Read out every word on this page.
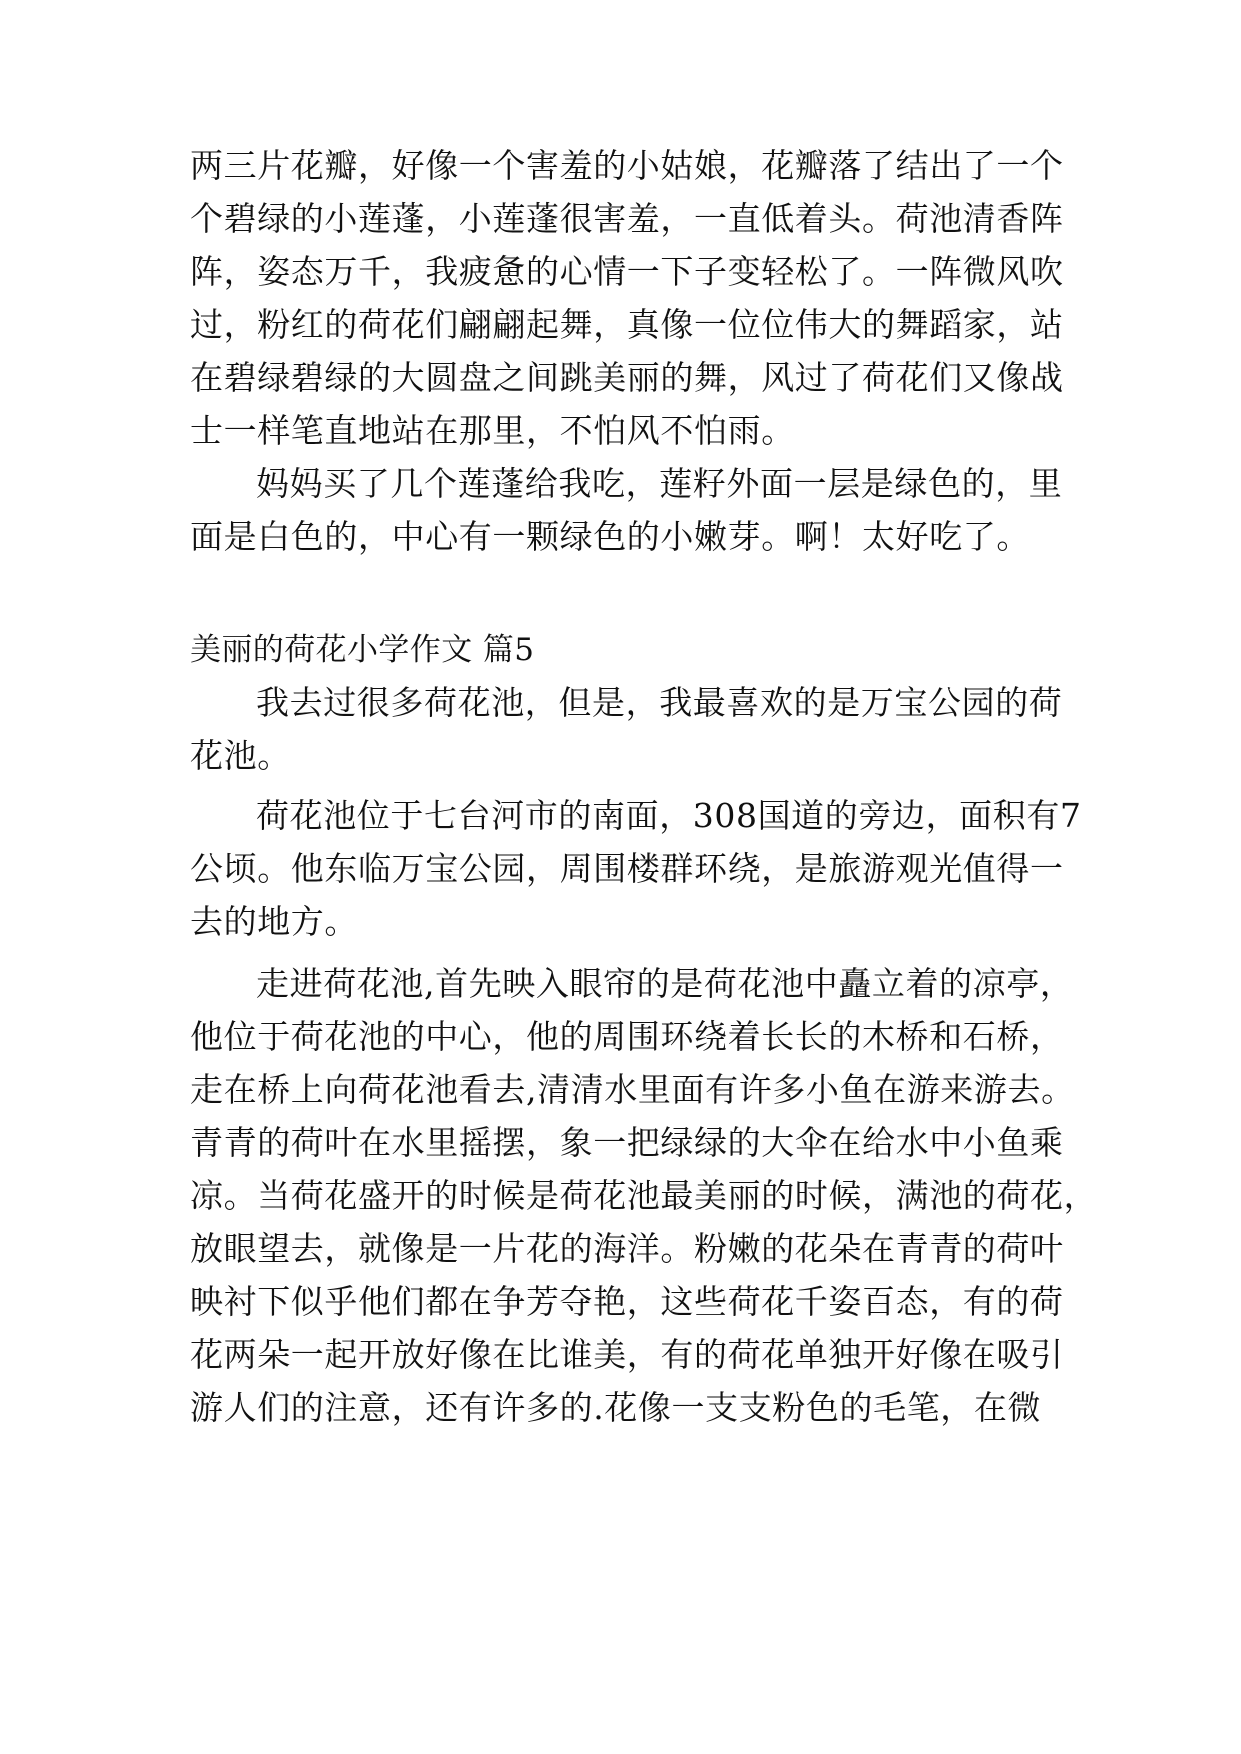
两三片花瓣，好像一个害羞的小姑娘，花瓣落了结出了一个
个碧绿的小莲蓬，小莲蓬很害羞，一直低着头。荷池清香阵
阵，姿态万千，我疲惫的心情一下子变轻松了。一阵微风吹
过，粉红的荷花们翩翩起舞，真像一位位伟大的舞蹈家，站
在碧绿碧绿的大圆盘之间跳美丽的舞，风过了荷花们又像战
士一样笔直地站在那里，不怕风不怕雨。
妈妈买了几个莲蓬给我吃，莲籽外面一层是绿色的，里
面是白色的，中心有一颗绿色的小嫩芽。啊！太好吃了。
美丽的荷花小学作文 篇5
我去过很多荷花池，但是，我最喜欢的是万宝公园的荷
花池。
荷花池位于七台河市的南面，308国道的旁边，面积有7
公顷。他东临万宝公园，周围楼群环绕，是旅游观光值得一
去的地方。
走进荷花池,首先映入眼帘的是荷花池中矗立着的凉亭，
他位于荷花池的中心，他的周围环绕着长长的木桥和石桥，
走在桥上向荷花池看去,清清水里面有许多小鱼在游来游去。
青青的荷叶在水里摇摆，象一把绿绿的大伞在给水中小鱼乘
凉。当荷花盛开的时候是荷花池最美丽的时候，满池的荷花，
放眼望去，就像是一片花的海洋。粉嫩的花朵在青青的荷叶
映衬下似乎他们都在争芳夺艳，这些荷花千姿百态，有的荷
花两朵一起开放好像在比谁美，有的荷花单独开好像在吸引
游人们的注意，还有许多的.花像一支支粉色的毛笔，在微
